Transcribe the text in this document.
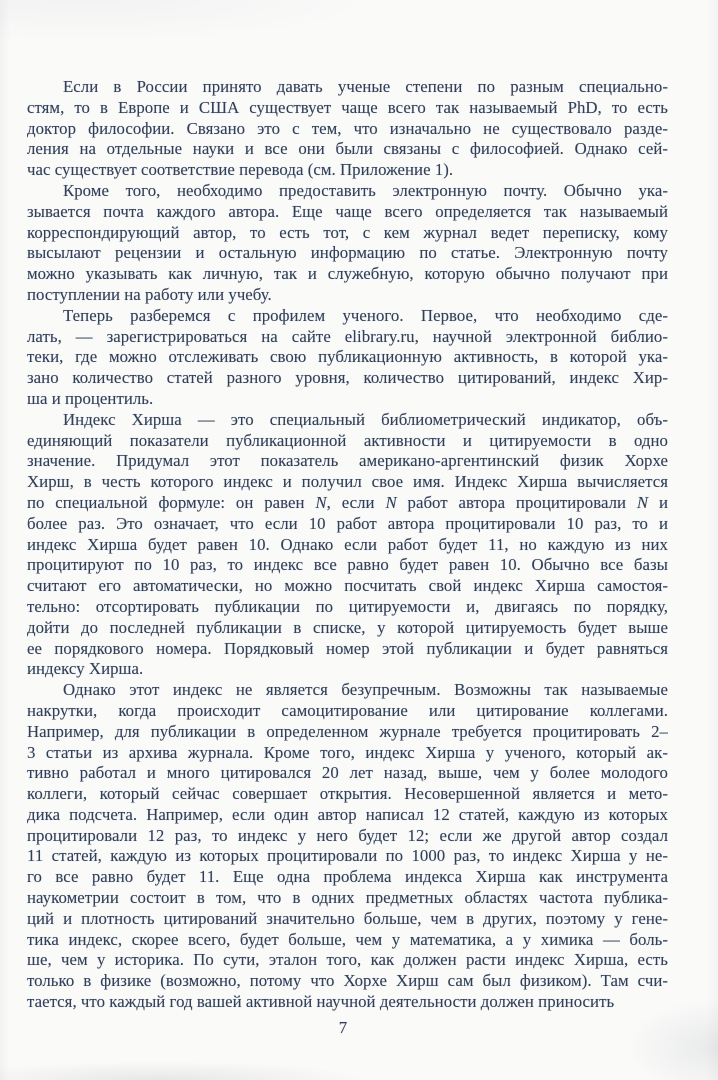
Если в России принято давать ученые степени по разным специально-
стям, то в Европе и США существует чаще всего так называемый PhD, то есть
доктор философии. Связано это с тем, что изначально не существовало разде-
ления на отдельные науки и все они были связаны с философией. Однако сей-
час существует соответствие перевода (см. Приложение 1).

Кроме того, необходимо предоставить электронную почту. Обычно ука-
зывается почта каждого автора. Еще чаще всего определяется так называемый
корреспондирующий автор, то есть тот, с кем журнал ведет переписку, кому
высылают рецензии и остальную информацию по статье. Электронную почту
можно указывать как личную, так и служебную, которую обычно получают при
поступлении на работу или учебу.

Теперь разберемся с профилем ученого. Первое, что необходимо сде-
лать, — зарегистрироваться на сайте elibrary.ru, научной электронной библио-
теки, где можно отслеживать свою публикационную активность, в которой ука-
зано количество статей разного уровня, количество цитирований, индекс Хир-
ша и процентиль.

Индекс Хирша — это специальный библиометрический индикатор, объ-
единяющий показатели публикационной активности и цитируемости в одно
значение. Придумал этот показатель американо-аргентинский физик Хорхе
Хирш, в честь которого индекс и получил свое имя. Индекс Хирша вычисляется
по специальной формуле: он равен N, если N работ автора процитировали N и
более раз. Это означает, что если 10 работ автора процитировали 10 раз, то и
индекс Хирша будет равен 10. Однако если работ будет 11, но каждую из них
процитируют по 10 раз, то индекс все равно будет равен 10. Обычно все базы
считают его автоматически, но можно посчитать свой индекс Хирша самостоя-
тельно: отсортировать публикации по цитируемости и, двигаясь по порядку,
дойти до последней публикации в списке, у которой цитируемость будет выше
ее порядкового номера. Порядковый номер этой публикации и будет равняться
индексу Хирша.

Однако этот индекс не является безупречным. Возможны так называемые
накрутки, когда происходит самоцитирование или цитирование коллегами.
Например, для публикации в определенном журнале требуется процитировать 2–
3 статьи из архива журнала. Кроме того, индекс Хирша у ученого, который ак-
тивно работал и много цитировался 20 лет назад, выше, чем у более молодого
коллеги, который сейчас совершает открытия. Несовершенной является и мето-
дика подсчета. Например, если один автор написал 12 статей, каждую из которых
процитировали 12 раз, то индекс у него будет 12; если же другой автор создал
11 статей, каждую из которых процитировали по 1000 раз, то индекс Хирша у не-
го все равно будет 11. Еще одна проблема индекса Хирша как инструмента
наукометрии состоит в том, что в одних предметных областях частота публика-
ций и плотность цитирований значительно больше, чем в других, поэтому у гене-
тика индекс, скорее всего, будет больше, чем у математика, а у химика — боль-
ше, чем у историка. По сути, эталон того, как должен расти индекс Хирша, есть
только в физике (возможно, потому что Хорхе Хирш сам был физиком). Там счи-
тается, что каждый год вашей активной научной деятельности должен приносить

7
